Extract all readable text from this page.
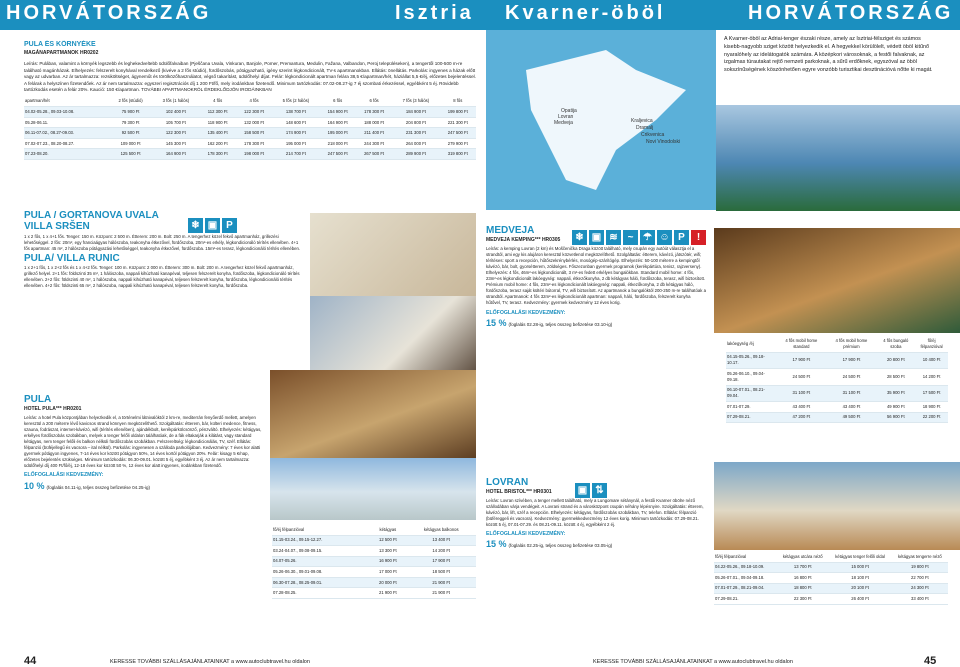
HORVÁTORSZÁG	Isztria Kvarner-öböl	HORVÁTORSZÁG
PULA ÉS KÖRNYÉKE
MAGÁNAPARTMANOK HR0202

Leírás: Pulában, valamint a környék legszebb és leghekedveltebb üdülőfalvaiban (Pješčana Uvala, Vinkuran, Banjole, Pomer, Premantura, Medulin, Fažana, Valbandon, Peroj településeken), a tengertől 100-500 m-re található magánházak. Elhelyezés: felszerelt konyhával rendelkező (kivéve a 2 fős stúdió), fürdőszobás, pótágyazható, igény szerint légkondicionált, TV-s apartmanokban. Ellátás: önellátás. Parkolás: ingyenes a házak előtt vagy az udvarban. Az ár tartalmazza: rezsiköltséget, ágyneműt és törölközőhasználatot, végső takarítást, üdülőhelyi díjat. Felár: légkondicionált apartman felára 38,5 €/apartman/hét, háziállat 5,5 €/éj, előzetes bejelentéssel. A felárak a helyszínen fizetendőek. Az ár nem tartalmazza: egyszeri regisztrációs díj 1 200 Ft/fő, mely irodánkban fizetendő. Minimum tartózkodás: 07.02-08.27-ig 7 éj szombati érkezéssel, egyébként 5 éj. Rövidebb tartózkodás esetén a felár 20%. Kaució: 150 €/apartman. TOVÁBBI APARTMANOKRÓL ÉRDEKLŐDJÖN IRODÁINKBAN

apartman/hét	2 fős (stúdió)	3 fős (1 hálós)	4 fős	4 fős	5 fős (2 hálós)	6 fős	6 fős	7 fős (3 hálós)	8 fős
04.02-05.28., 09.03-10.08.	75 900 Ft	102 400 Ft	112 300 Ft	122 300 Ft	138 700 Ft	154 900 Ft	178 300 Ft	184 900 Ft	199 800 Ft
05.28-06.11.	79 300 Ft	105 700 Ft	118 900 Ft	132 000 Ft	148 600 Ft	164 900 Ft	188 000 Ft	204 800 Ft	221 300 Ft
06.11-07.02., 08.27-09.03.	92 500 Ft	122 300 Ft	135 400 Ft	158 500 Ft	174 900 Ft	195 000 Ft	211 400 Ft	231 300 Ft	247 500 Ft
07.02-07.23., 08.20-08.27.	109 000 Ft	145 300 Ft	162 200 Ft	178 300 Ft	195 000 Ft	218 000 Ft	244 300 Ft	264 000 Ft	279 900 Ft
07.23-08.20.	125 500 Ft	164 900 Ft	178 300 Ft	198 000 Ft	214 700 Ft	247 500 Ft	267 500 Ft	289 900 Ft	319 800 Ft
PULA / GORTANOVA UVALA
VILLA SRŠEN

1 x 2 fős, 1 x 4+1 fős. Tenger: 150 m. Központ: 2 500 m. Étterem: 200 m. Bolt: 250 m. A tengerhez közel fekvő apartmanház, grillezési lehetőséggel. 2 fős: 20m², egy franciaágyas hálószoba, teakonyha étkezővel, fürdőszoba, 20m²-es erkély, légkondicionáló térítés ellenében. 4+1 fős apartman: 45 m², 2 hálószoba pótágyazási lehetőséggel, teakonyha étkezővel, fürdőszoba. 15m²-es terasz, légkondicionáló térítés ellenében.

PULA/ VILLA RUNIC

1 x 2+1 fős, 1 x 2+2 fős és 1 x 4+2 fős. Tenger: 100 m. Központ: 2 000 m. Étterem: 300 m. Bolt: 200 m. A tengerhez közel fekvő apartmanház, grillező helyel. 2+1 fős: földszinti 35 m², 1 hálószoba, nappali kihúzható kanapéval, teljesen felszerelt konyha, fürdőszoba, légkondicionáló térítés ellenében. 2+2 fős: földszinti 40 m², 1 hálószoba, nappali kihúzható kanapéval, teljesen felszerelt konyha, fürdőszoba, légkondicionáló térítés ellenében. 4+2 fős: földszinti 65 m², 2 hálószoba, nappali kihúzható kanapéval, teljesen felszerelt konyha, fürdőszoba.

❄ ▣ P
PULA
HOTEL PULA*** HR0201

Leírás: a hotel Pula központjában helyezkedik el, a történelmi látnivalóktól 2 km-re, mediterrán fenyőerdő mellett, amelyen keresztül a 200 méterre lévő kavicsos strand könnyen megközelíthető. Szolgáltatás: étterem, bár, külteri medence, fitness, szauna, fodrászat, internet-kávézó, wifi (térítés ellenében), ajándékbolt, kerékpárkölcsönző, pénzváltó. Elhelyezés: kétágyas, erkélyes fürdőszobás szobákban, melyek a tenger felőli oldalon találhatóak, de a fák eltakarják a kilátást, vagy standard kétágyas, nem tenger felőli és balkon nélküli fürdőszobás szobákban. Felszereltség: légkondicionálás, TV, széf. Ellátás: félpanzió (büféjellegű és vacsora – ital nélkül). Parkolás: ingyenesen a szálloda parkolójában. Kedvezmény: 7 éves kor alatti gyermek pótágyon ingyenes, 7-14 éves kor között pótágyon 50%, 14 éves kortól pótágyon 20%. Felár: kisagy 5 €/nap, előzetes bejelentés szükséges. Minimum tartózkodás: 06.30-09.01. között 5 éj, egyébként 3 éj. Az ár nem tartalmazza: üdülőhelyi díj 400 Ft/fő/éj, 12-18 éves kor között 50 %, 12 éves kor alatt ingyenes, irodánkban fizetendő.

ELŐFOGLALÁSI KEDVEZMÉNY:
10 % (foglalás 04.11-ig, teljes összeg befizetése 04.25-ig)
fő/éj félpanzióval	kétágyas	kétágyas balkonos
01.15-03.24., 09.15-12.27.	12 500 Ft	13 400 Ft
03.24-04.07., 09.08-09.15.	13 300 Ft	14 200 Ft
04.07-05.26.	16 900 Ft	17 900 Ft
05.26-06.30., 09.01-09.08.	17 000 Ft	18 500 Ft
06.30-07.28., 08.25-09.01.	20 000 Ft	21 900 Ft
07.28-08.25.	21 900 Ft	21 900 Ft
Opatija
Lovran
Medveja	Kraljevica
Dramalj
Crikvenica
Novi Vinodolski
A Kvarner-öböl az Adriai-tenger északi része, amely az Isztriai-félsziget és számos kisebb-nagyobb sziget között helyezkedik el. A hegyekkel körülölelt, védett öböl kitűnő nyaralóhely az idelátogatók számára. A középkori városoknak, a festői falvaknak, az izgalmas túrautakat rejtő nemzeti parkoknak, a sűrű erdőknek, egyszóval az öböl sokszínűségének köszönhetően egyre vonzóbb turisztikai desztinációvá nőtte ki magát.
MEDVEJA
MEDVEJA KEMPING*** HR0305

Leírás: a kemping Lovran (2 km) és Moščenička Draga között található, mely csupán egy autóút választja el a strandtól, ami egy kis alujáron keresztül közvetlenül megközelíthető. Szolgáltatás: étterem, kávézó, játszótér, wifi; térítéses: sport a recepción, hűtőszekrénybérlés, mosógép-szárítógép. Elhelyezés: 50-100 méterre a kempingtől kávézó, bár, bolt, gyorsétterem, zöldséges. Főszezonban gyermek programok (kerékpártúra, tenisz, rajzverseny). Elhelyezés: 4 fős, 46m²-es légkondicionált, 3 m²-es fedett erkélyes bungalókban. Standard mobil home: 4 fős, 23m²-es légkondicionált lakóegység: nappali, étkezőkonyha, 2 db kétágyas háló, fürdőszoba, terasz, wifi biztosított. Prémium mobil home: 4 fős, 23m²-es légkondicionált lakóegység: nappali, étkezőkonyha, 2 db kétágyas háló, fürdőszoba, terasz saját kültéri bútorral, TV, wifi biztosított. Az apartmanok a bungalóktól 200-250 m-re találhatóak a strandtól. Apartmanok: 4 fős 32m²-es légkondicionált apartman: nappali, háló, fürdőszoba, felszerelt konyha hűtővel, TV, terasz. Kedvezmény: gyermek kedvezmény 12 éves korig.

ELŐFOGLALÁSI KEDVEZMÉNY:
15 % (foglalás 02.28-ig, teljes összeg befizetése 03.10-ig)
❄ ▣ ≋ ~ ☂ ☺ P	!
lakóegység /éj	4 fős mobil home standard	4 fős mobil home prémium	4 fős bungaló szoba	fő/éj félpanzióval
04.15-05.26., 09.18-10.17.	17 900 Ft	17 900 Ft	20 800 Ft	10 400 Ft
05.26-06.10., 09.04-09.18.	24 500 Ft	24 500 Ft	28 500 Ft	14 200 Ft
06.10-07.01., 08.21-09.04.	31 100 Ft	31 100 Ft	35 900 Ft	17 500 Ft
07.01-07.29.	43 400 Ft	43 400 Ft	49 900 Ft	18 900 Ft
07.29-08.21.	47 200 Ft	49 500 Ft	56 900 Ft	22 200 Ft
LOVRAN
HOTEL BRISTOL*** HR0301

Leírás: Lovran szívében, a tenger mellett található, mely a Lungomare sétánynál, a festői Kvarner öbölre néző szállodában várja vendégeit. A Lovrani strand és a városközpont csupán néhány lépésnyire. Szolgáltatás: étterem, kávézó, bár, lift, széf a recepción. Elhelyezés: kétágyas, fürdőszobás szobákban, TV, telefon. Ellátás: félpanzió (büféreggeli és vacsora). Kedvezmény: gyermekkedvezmény 12 éves korig. Minimum tartózkodás: 07.29-08.21. között 5 éj, 07.01-07.29. és 08.21-09.11. között 4 éj, egyébként 2 éj.

ELŐFOGLALÁSI KEDVEZMÉNY:
15 % (foglalás 02.25-ig, teljes összeg befizetése 03.05-ig)
▣ ⇅
fő/éj félpanzióval	kétágyas utcára néző	kétágyas tenger felőli oldal	kétágyas tengerre néző
04.22-05.26., 09.18-10.09.	13 700 Ft	15 000 Ft	19 800 Ft
05.26-07.01., 09.04-09.18.	16 800 Ft	18 100 Ft	22 700 Ft
07.01-07.29., 08.21-09.04.	18 800 Ft	20 100 Ft	24 300 Ft
07.29-08.21.	22 300 Ft	26 400 Ft	33 400 Ft
44	KERESSE TOVÁBBI SZÁLLÁSAJÁNLATAINKAT a www.autoclubtravel.hu oldalon	KERESSE TOVÁBBI SZÁLLÁSAJÁNLATAINKAT a www.autoclubtravel.hu oldalon	45
